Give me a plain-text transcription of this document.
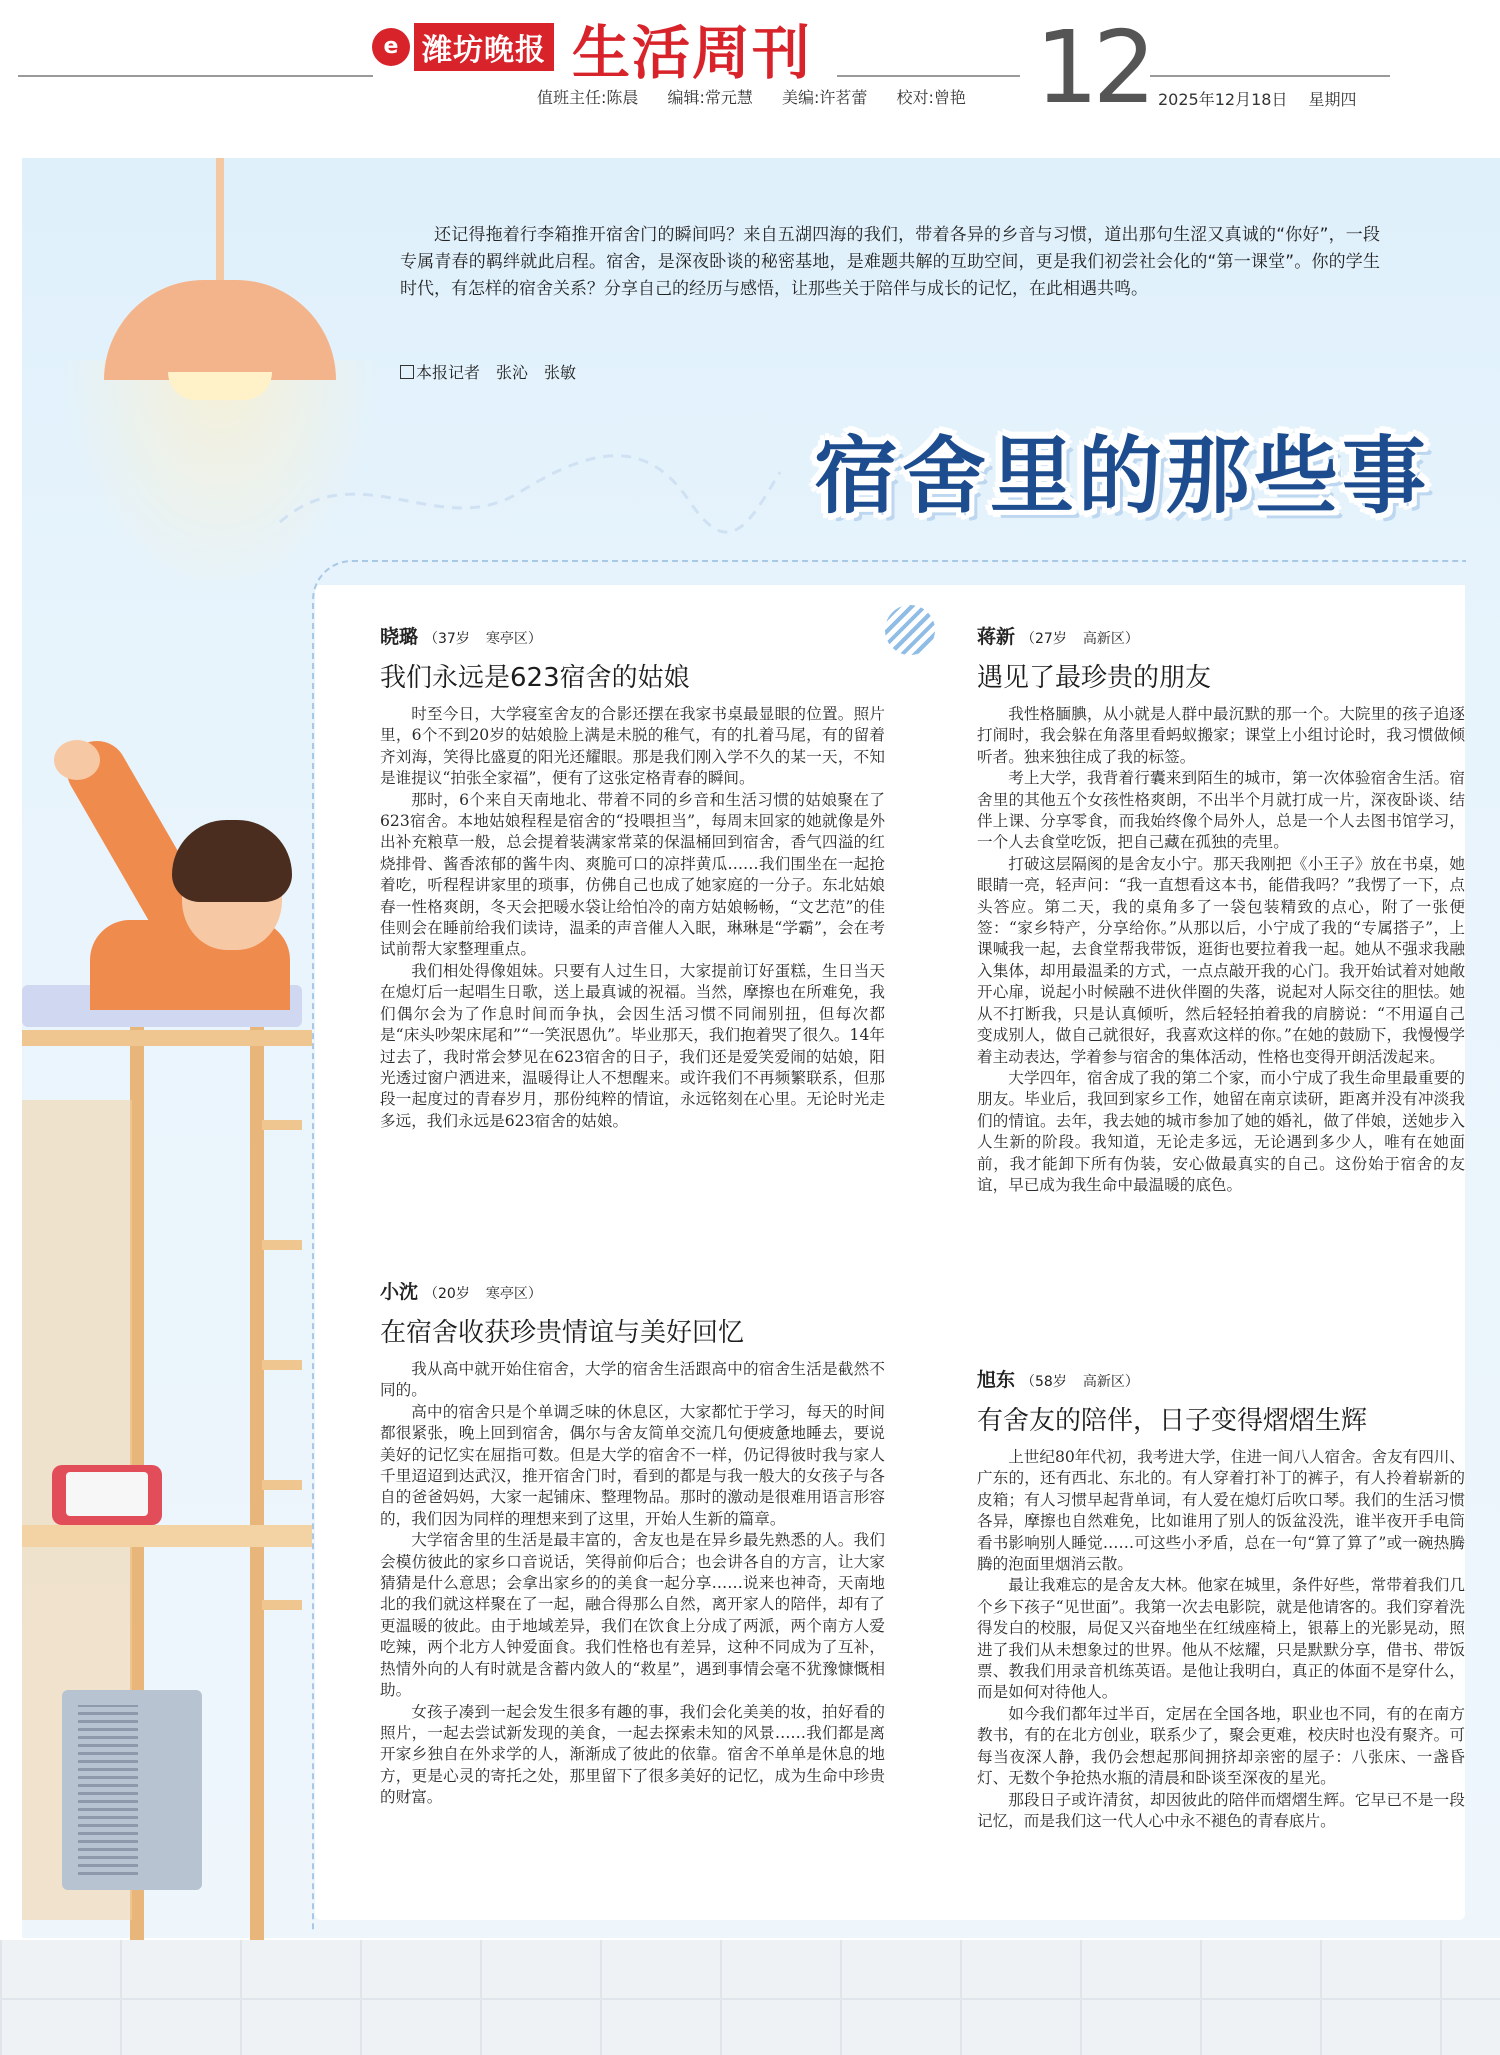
e 潍坊晚报 生活周刊
值班主任:陈晨 编辑:常元慧 美编:许茗蕾 校对:曾艳 12 2025年12月18日 星期四
还记得拖着行李箱推开宿舍门的瞬间吗？来自五湖四海的我们，带着各异的乡音与习惯，道出那句生涩又真诚的“你好”，一段专属青春的羁绊就此启程。宿舍，是深夜卧谈的秘密基地，是难题共解的互助空间，更是我们初尝社会化的“第一课堂”。你的学生时代，有怎样的宿舍关系？分享自己的经历与感悟，让那些关于陪伴与成长的记忆，在此相遇共鸣。
本报记者　张沁　张敏
宿舍里的那些事
晓璐 （37岁 寒亭区）
我们永远是623宿舍的姑娘

时至今日，大学寝室舍友的合影还摆在我家书桌最显眼的位置。照片里，6个不到20岁的姑娘脸上满是未脱的稚气，有的扎着马尾，有的留着齐刘海，笑得比盛夏的阳光还耀眼。那是我们刚入学不久的某一天，不知是谁提议“拍张全家福”，便有了这张定格青春的瞬间。

那时，6个来自天南地北、带着不同的乡音和生活习惯的姑娘聚在了623宿舍。本地姑娘程程是宿舍的“投喂担当”，每周末回家的她就像是外出补充粮草一般，总会提着装满家常菜的保温桶回到宿舍，香气四溢的红烧排骨、酱香浓郁的酱牛肉、爽脆可口的凉拌黄瓜……我们围坐在一起抢着吃，听程程讲家里的琐事，仿佛自己也成了她家庭的一分子。东北姑娘春一性格爽朗，冬天会把暖水袋让给怕冷的南方姑娘畅畅，“文艺范”的佳佳则会在睡前给我们读诗，温柔的声音催人入眠，琳琳是“学霸”，会在考试前帮大家整理重点。

我们相处得像姐妹。只要有人过生日，大家提前订好蛋糕，生日当天在熄灯后一起唱生日歌，送上最真诚的祝福。当然，摩擦也在所难免，我们偶尔会为了作息时间而争执，会因生活习惯不同闹别扭，但每次都是“床头吵架床尾和”“一笑泯恩仇”。毕业那天，我们抱着哭了很久。14年过去了，我时常会梦见在623宿舍的日子，我们还是爱笑爱闹的姑娘，阳光透过窗户洒进来，温暖得让人不想醒来。或许我们不再频繁联系，但那段一起度过的青春岁月，那份纯粹的情谊，永远铭刻在心里。无论时光走多远，我们永远是623宿舍的姑娘。

小沈 （20岁 寒亭区）
在宿舍收获珍贵情谊与美好回忆

我从高中就开始住宿舍，大学的宿舍生活跟高中的宿舍生活是截然不同的。

高中的宿舍只是个单调乏味的休息区，大家都忙于学习，每天的时间都很紧张，晚上回到宿舍，偶尔与舍友简单交流几句便疲惫地睡去，要说美好的记忆实在屈指可数。但是大学的宿舍不一样，仍记得彼时我与家人千里迢迢到达武汉，推开宿舍门时，看到的都是与我一般大的女孩子与各自的爸爸妈妈，大家一起铺床、整理物品。那时的激动是很难用语言形容的，我们因为同样的理想来到了这里，开始人生新的篇章。

大学宿舍里的生活是最丰富的，舍友也是在异乡最先熟悉的人。我们会模仿彼此的家乡口音说话，笑得前仰后合；也会讲各自的方言，让大家猜猜是什么意思；会拿出家乡的的美食一起分享……说来也神奇，天南地北的我们就这样聚在了一起，融合得那么自然，离开家人的陪伴，却有了更温暖的彼此。由于地域差异，我们在饮食上分成了两派，两个南方人爱吃辣，两个北方人钟爱面食。我们性格也有差异，这种不同成为了互补，热情外向的人有时就是含蓄内敛人的“救星”，遇到事情会毫不犹豫慷慨相助。

女孩子凑到一起会发生很多有趣的事，我们会化美美的妆，拍好看的照片，一起去尝试新发现的美食，一起去探索未知的风景……我们都是离开家乡独自在外求学的人，渐渐成了彼此的依靠。宿舍不单单是休息的地方，更是心灵的寄托之处，那里留下了很多美好的记忆，成为生命中珍贵的财富。

蒋新 （27岁 高新区）
遇见了最珍贵的朋友

我性格腼腆，从小就是人群中最沉默的那一个。大院里的孩子追逐打闹时，我会躲在角落里看蚂蚁搬家；课堂上小组讨论时，我习惯做倾听者。独来独往成了我的标签。

考上大学，我背着行囊来到陌生的城市，第一次体验宿舍生活。宿舍里的其他五个女孩性格爽朗，不出半个月就打成一片，深夜卧谈、结伴上课、分享零食，而我始终像个局外人，总是一个人去图书馆学习，一个人去食堂吃饭，把自己藏在孤独的壳里。

打破这层隔阂的是舍友小宁。那天我刚把《小王子》放在书桌，她眼睛一亮，轻声问：“我一直想看这本书，能借我吗？”我愣了一下，点头答应。第二天，我的桌角多了一袋包装精致的点心，附了一张便签：“家乡特产，分享给你。”从那以后，小宁成了我的“专属搭子”，上课喊我一起，去食堂帮我带饭，逛街也要拉着我一起。她从不强求我融入集体，却用最温柔的方式，一点点敲开我的心门。我开始试着对她敞开心扉，说起小时候融不进伙伴圈的失落，说起对人际交往的胆怯。她从不打断我，只是认真倾听，然后轻轻拍着我的肩膀说：“不用逼自己变成别人，做自己就很好，我喜欢这样的你。”在她的鼓励下，我慢慢学着主动表达，学着参与宿舍的集体活动，性格也变得开朗活泼起来。

大学四年，宿舍成了我的第二个家，而小宁成了我生命里最重要的朋友。毕业后，我回到家乡工作，她留在南京读研，距离并没有冲淡我们的情谊。去年，我去她的城市参加了她的婚礼，做了伴娘，送她步入人生新的阶段。我知道，无论走多远，无论遇到多少人，唯有在她面前，我才能卸下所有伪装，安心做最真实的自己。这份始于宿舍的友谊，早已成为我生命中最温暖的底色。

旭东 （58岁 高新区）
有舍友的陪伴，日子变得熠熠生辉

上世纪80年代初，我考进大学，住进一间八人宿舍。舍友有四川、广东的，还有西北、东北的。有人穿着打补丁的裤子，有人拎着崭新的皮箱；有人习惯早起背单词，有人爱在熄灯后吹口琴。我们的生活习惯各异，摩擦也自然难免，比如谁用了别人的饭盆没洗，谁半夜开手电筒看书影响别人睡觉……可这些小矛盾，总在一句“算了算了”或一碗热腾腾的泡面里烟消云散。

最让我难忘的是舍友大林。他家在城里，条件好些，常带着我们几个乡下孩子“见世面”。我第一次去电影院，就是他请客的。我们穿着洗得发白的校服，局促又兴奋地坐在红绒座椅上，银幕上的光影晃动，照进了我们从未想象过的世界。他从不炫耀，只是默默分享，借书、带饭票、教我们用录音机练英语。是他让我明白，真正的体面不是穿什么，而是如何对待他人。

如今我们都年过半百，定居在全国各地，职业也不同，有的在南方教书，有的在北方创业，联系少了，聚会更难，校庆时也没有聚齐。可每当夜深人静，我仍会想起那间拥挤却亲密的屋子：八张床、一盏昏灯、无数个争抢热水瓶的清晨和卧谈至深夜的星光。

那段日子或许清贫，却因彼此的陪伴而熠熠生辉。它早已不是一段记忆，而是我们这一代人心中永不褪色的青春底片。
